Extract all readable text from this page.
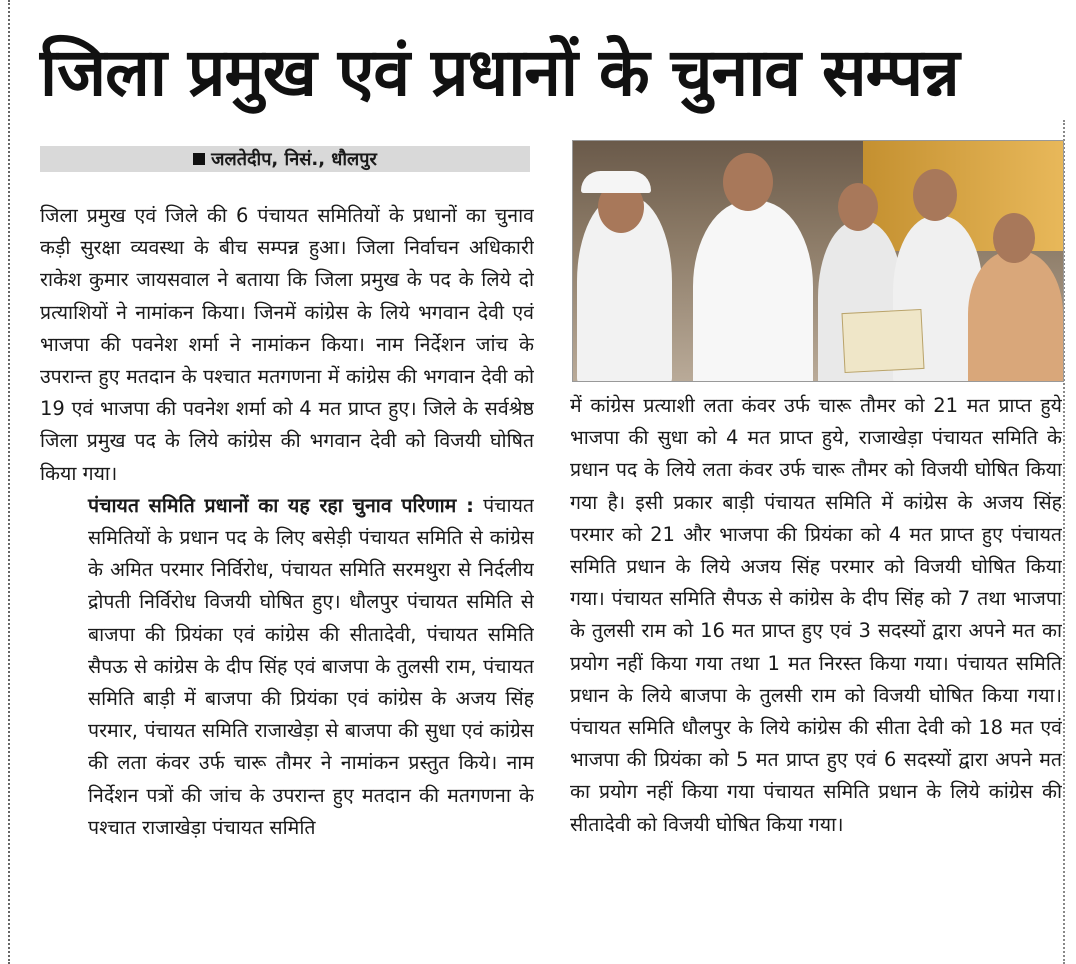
जिला प्रमुख एवं प्रधानों के चुनाव सम्पन्न
जलतेदीप, निसं., धौलपुर

जिला प्रमुख एवं जिले की 6 पंचायत समितियों के प्रधानों का चुनाव कड़ी सुरक्षा व्यवस्था के बीच सम्पन्न हुआ। जिला निर्वाचन अधिकारी राकेश कुमार जायसवाल ने बताया कि जिला प्रमुख के पद के लिये दो प्रत्याशियों ने नामांकन किया। जिनमें कांग्रेस के लिये भगवान देवी एवं भाजपा की पवनेश शर्मा ने नामांकन किया। नाम निर्देशन जांच के उपरान्त हुए मतदान के पश्चात मतगणना में कांग्रेस की भगवान देवी को 19 एवं भाजपा की पवनेश शर्मा को 4 मत प्राप्त हुए। जिले के सर्वश्रेष्ठ जिला प्रमुख पद के लिये कांग्रेस की भगवान देवी को विजयी घोषित किया गया।

पंचायत समिति प्रधानों का यह रहा चुनाव परिणाम : पंचायत समितियों के प्रधान पद के लिए बसेड़ी पंचायत समिति से कांग्रेस के अमित परमार निर्विरोध, पंचायत समिति सरमथुरा से निर्दलीय द्रोपती निर्विरोध विजयी घोषित हुए। धौलपुर पंचायत समिति से बाजपा की प्रियंका एवं कांग्रेस की सीतादेवी, पंचायत समिति सैपऊ से कांग्रेस के दीप सिंह एवं बाजपा के तुलसी राम, पंचायत समिति बाड़ी में बाजपा की प्रियंका एवं कांग्रेस के अजय सिंह परमार, पंचायत समिति राजाखेड़ा से बाजपा की सुधा एवं कांग्रेस की लता कंवर उर्फ चारू तौमर ने नामांकन प्रस्तुत किये। नाम निर्देशन पत्रों की जांच के उपरान्त हुए मतदान की मतगणना के पश्चात राजाखेड़ा पंचायत समिति

में कांग्रेस प्रत्याशी लता कंवर उर्फ चारू तौमर को 21 मत प्राप्त हुये भाजपा की सुधा को 4 मत प्राप्त हुये, राजाखेड़ा पंचायत समिति के प्रधान पद के लिये लता कंवर उर्फ चारू तौमर को विजयी घोषित किया गया है। इसी प्रकार बाड़ी पंचायत समिति में कांग्रेस के अजय सिंह परमार को 21 और भाजपा की प्रियंका को 4 मत प्राप्त हुए पंचायत समिति प्रधान के लिये अजय सिंह परमार को विजयी घोषित किया गया। पंचायत समिति सैपऊ से कांग्रेस के दीप सिंह को 7 तथा भाजपा के तुलसी राम को 16 मत प्राप्त हुए एवं 3 सदस्यों द्वारा अपने मत का प्रयोग नहीं किया गया तथा 1 मत निरस्त किया गया। पंचायत समिति प्रधान के लिये बाजपा के तुलसी राम को विजयी घोषित किया गया। पंचायत समिति धौलपुर के लिये कांग्रेस की सीता देवी को 18 मत एवं भाजपा की प्रियंका को 5 मत प्राप्त हुए एवं 6 सदस्यों द्वारा अपने मत का प्रयोग नहीं किया गया पंचायत समिति प्रधान के लिये कांग्रेस की सीतादेवी को विजयी घोषित किया गया।
